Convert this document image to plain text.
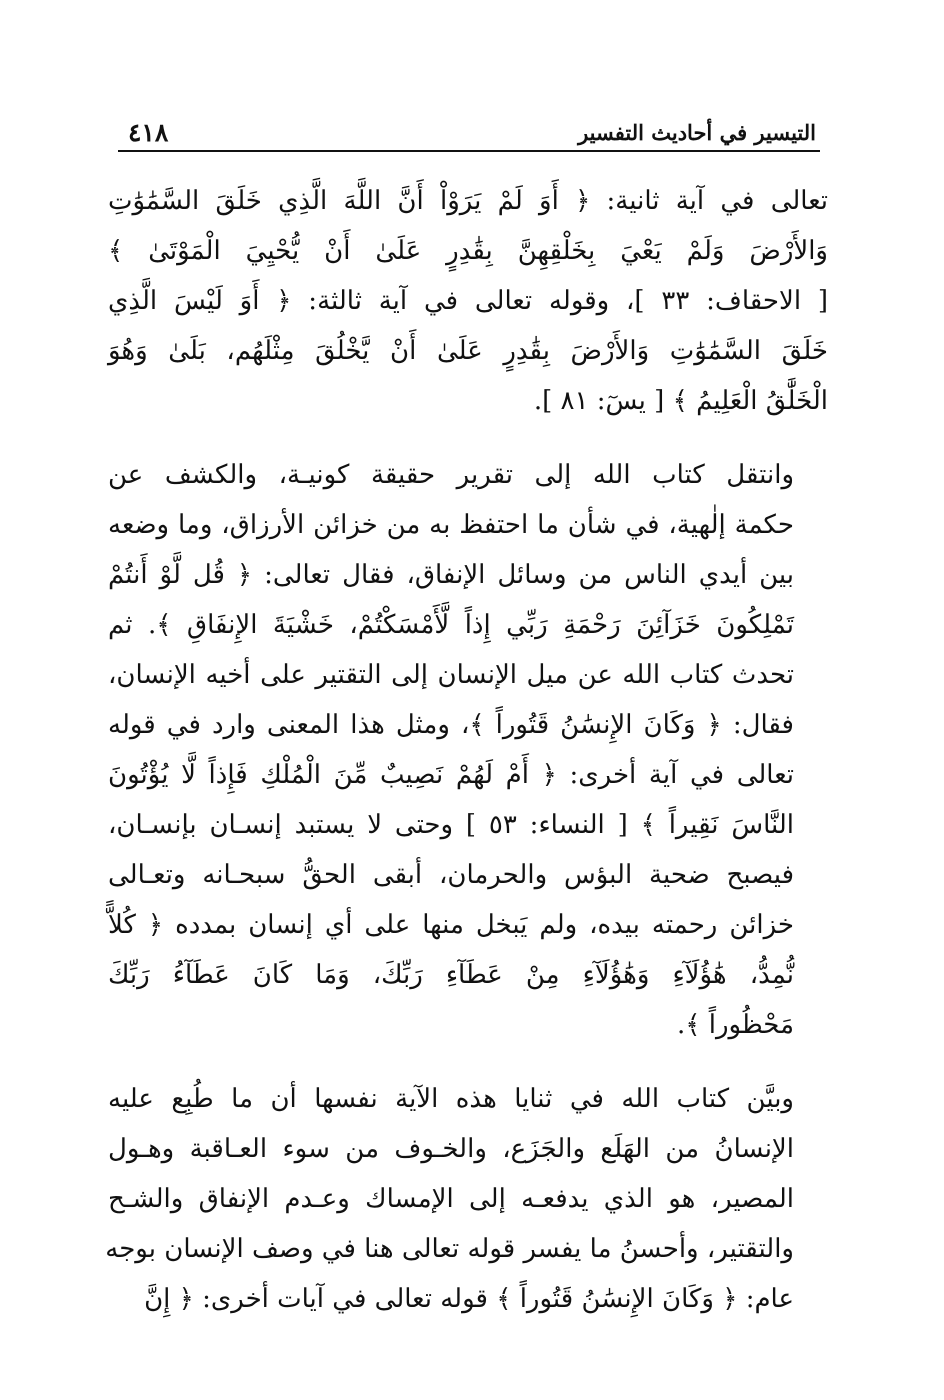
٤١٨	التيسير في أحاديث التفسير

تعالى في آية ثانية: ﴿ أَوَ لَمْ يَرَوْاْ أَنَّ اللَّهَ الَّذِي خَلَقَ السَّمَٰوَٰتِ
وَالأَرْضَ وَلَمْ يَعْيَ بِخَلْقِهِنَّ بِقَٰدِرٍ عَلَىٰ أَنْ يُّحْيِيَ الْمَوْتَىٰ ﴾
[ الاحقاف: ٣٣ ]، وقوله تعالى في آية ثالثة: ﴿ أَوَ لَيْسَ الَّذِي
خَلَقَ السَّمَٰوَٰتِ وَالأَرْضَ بِقَٰدِرٍ عَلَىٰ أَنْ يَّخْلُقَ مِثْلَهُم، بَلَىٰ وَهُوَ
الْخَلَّٰقُ الْعَلِيمُ ﴾ [ يسٓ: ٨١ ].

وانتقل كتاب الله إلى تقرير حقيقة كونيـة، والكشف عن
حكمة إلٰهية، في شأن ما احتفظ به من خزائن الأرزاق، وما وضعه
بين أيدي الناس من وسائل الإنفاق، فقال تعالى: ﴿ قُل لَّوْ أَنتُمْ
تَمْلِكُونَ خَزَآئِنَ رَحْمَةِ رَبِّي إِذاً لَّأَمْسَكْتُمْ، خَشْيَةَ الإِنفَاقِ ﴾. ثم
تحدث كتاب الله عن ميل الإنسان إلى التقتير على أخيه الإنسان،
فقال: ﴿ وَكَانَ الإِنسَٰنُ قَتُوراً ﴾، ومثل هذا المعنى وارد في قوله
تعالى في آية أخرى: ﴿ أَمْ لَهُمْ نَصِيبٌ مِّنَ الْمُلْكِ فَإِذاً لَّا يُؤْتُونَ
النَّاسَ نَقِيراً ﴾ [ النساء: ٥٣ ] وحتى لا يستبد إنسـان بإنسـان،
فيصبح ضحية البؤس والحرمان، أبقى الحقُّ سبحـانه وتعـالى
خزائن رحمته بيده، ولم يَبخل منها على أي إنسان بمدده ﴿ كُلاًّ
نُّمِدُّ، هَٰؤُلَآءِ وَهَٰؤُلَآءِ مِنْ عَطَآءِ رَبِّكَ، وَمَا كَانَ عَطَآءُ رَبِّكَ
مَحْظُوراً ﴾.

وبيَّن كتاب الله في ثنايا هذه الآية نفسها أن ما طُبِع عليه
الإنسانُ من الهَلَع والجَزَع، والخـوف من سوء العـاقبة وهـول
المصير، هو الذي يدفعـه إلى الإمساك وعـدم الإنفاق والشـح
والتقتير، وأحسنُ ما يفسر قوله تعالى هنا في وصف الإنسان بوجه
عام: ﴿ وَكَانَ الإِنسَٰنُ قَتُوراً ﴾ قوله تعالى في آيات أخرى: ﴿ إِنَّ
